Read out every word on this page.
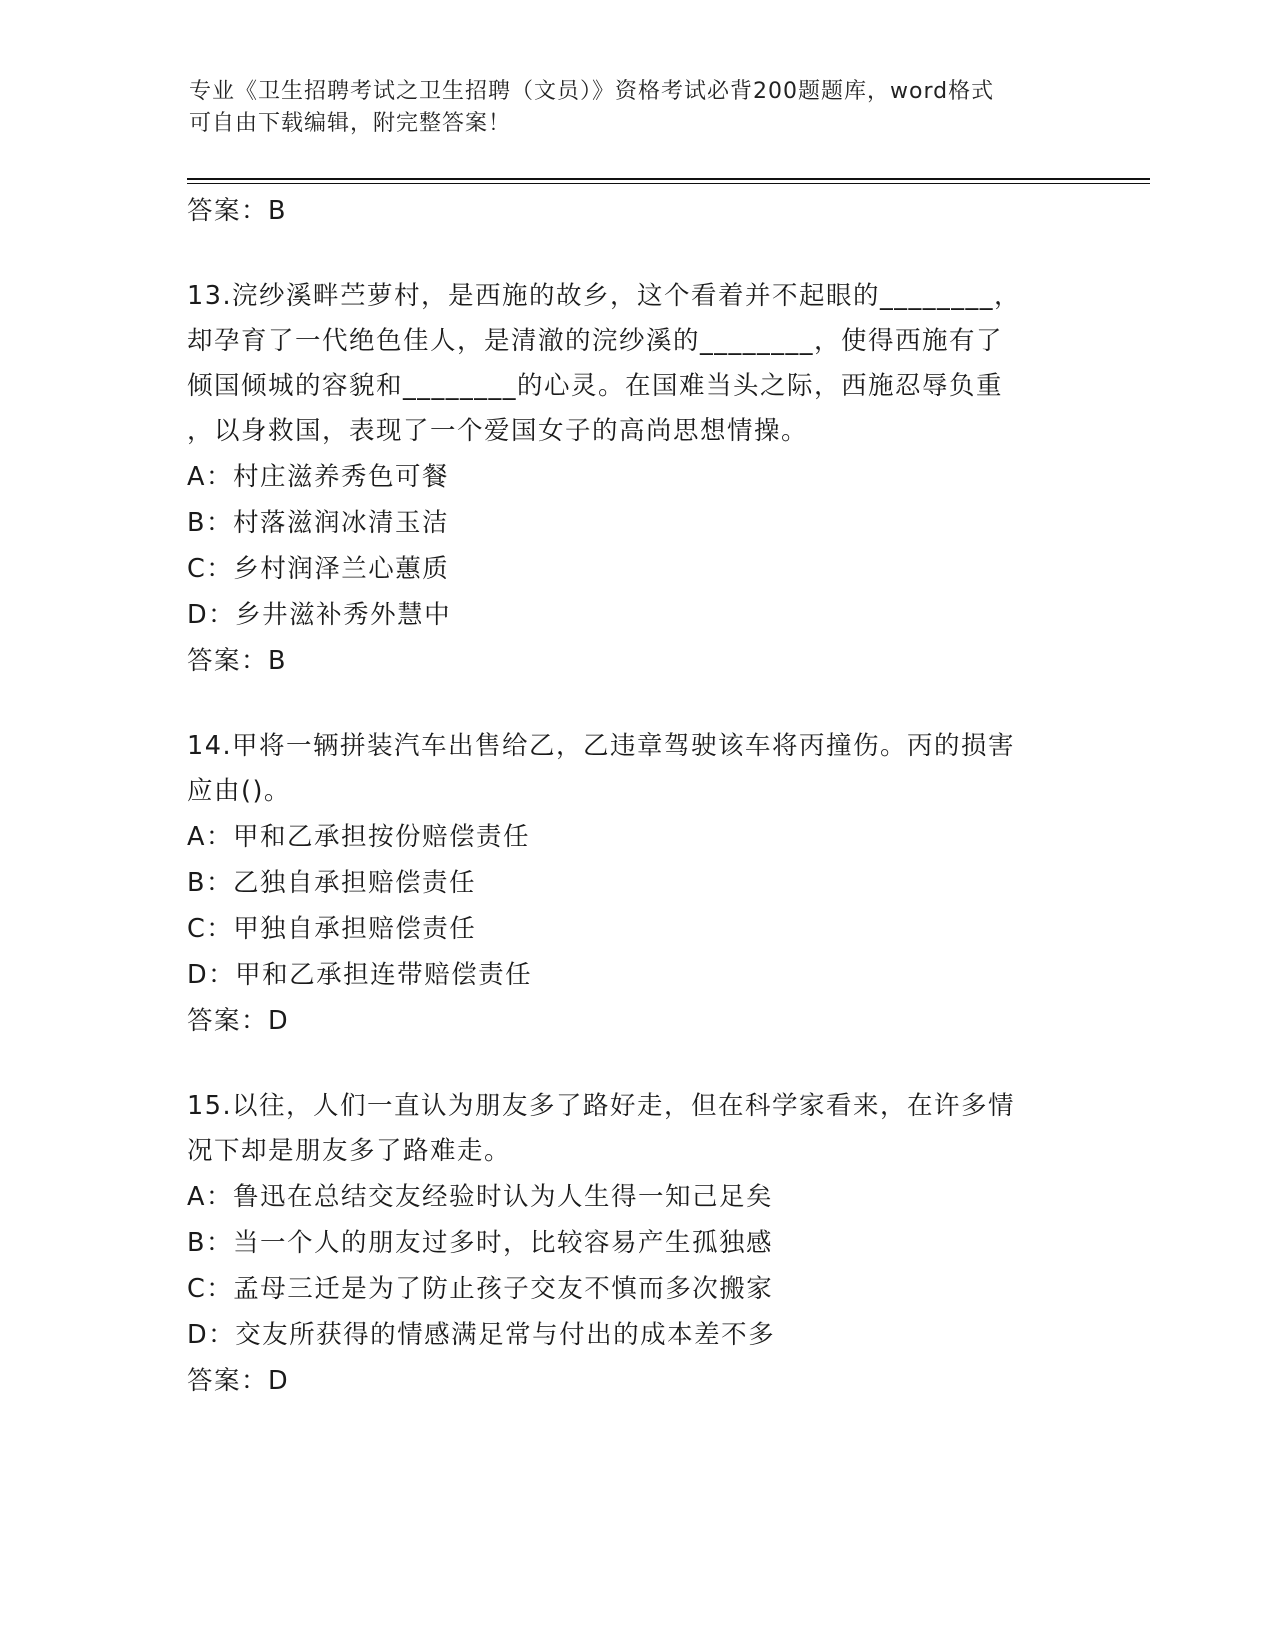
专业《卫生招聘考试之卫生招聘（文员）》资格考试必背200题题库，word格式
可自由下载编辑，附完整答案！
答案：B
13.浣纱溪畔苎萝村，是西施的故乡，这个看着并不起眼的________，
却孕育了一代绝色佳人，是清澈的浣纱溪的________，使得西施有了
倾国倾城的容貌和________的心灵。在国难当头之际，西施忍辱负重
，以身救国，表现了一个爱国女子的高尚思想情操。
A：村庄滋养秀色可餐
B：村落滋润冰清玉洁
C：乡村润泽兰心蕙质
D：乡井滋补秀外慧中
答案：B
14.甲将一辆拼装汽车出售给乙，乙违章驾驶该车将丙撞伤。丙的损害
应由()。
A：甲和乙承担按份赔偿责任
B：乙独自承担赔偿责任
C：甲独自承担赔偿责任
D：甲和乙承担连带赔偿责任
答案：D
15.以往，人们一直认为朋友多了路好走，但在科学家看来，在许多情
况下却是朋友多了路难走。
A：鲁迅在总结交友经验时认为人生得一知己足矣
B：当一个人的朋友过多时，比较容易产生孤独感
C：孟母三迁是为了防止孩子交友不慎而多次搬家
D：交友所获得的情感满足常与付出的成本差不多
答案：D
